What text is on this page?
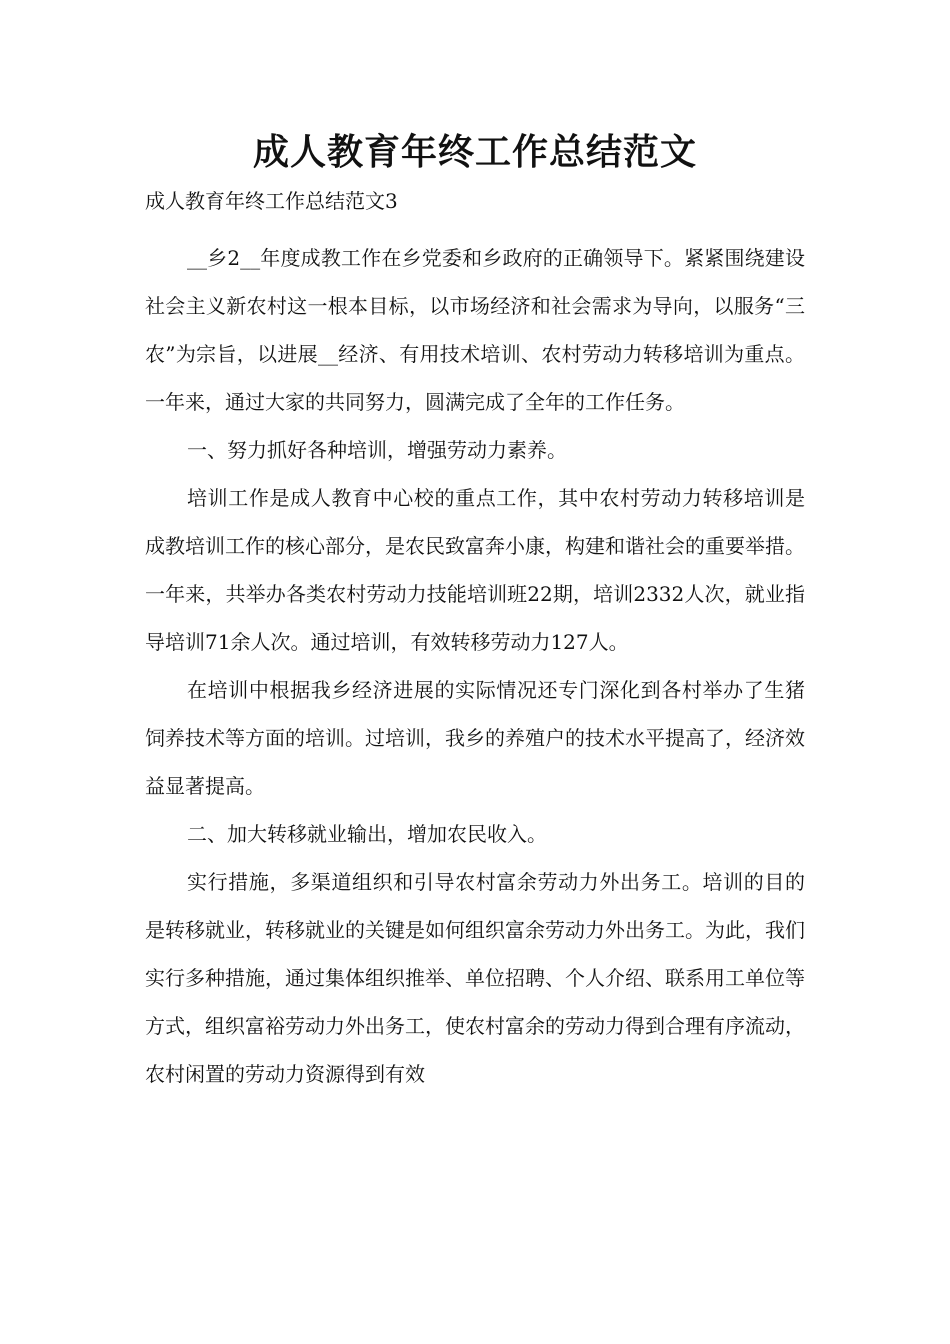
成人教育年终工作总结范文

成人教育年终工作总结范文3

__乡2__年度成教工作在乡党委和乡政府的正确领导下。紧紧围绕建设社会主义新农村这一根本目标，以市场经济和社会需求为导向，以服务“三农”为宗旨，以进展__经济、有用技术培训、农村劳动力转移培训为重点。一年来，通过大家的共同努力，圆满完成了全年的工作任务。

一、努力抓好各种培训，增强劳动力素养。

培训工作是成人教育中心校的重点工作，其中农村劳动力转移培训是成教培训工作的核心部分，是农民致富奔小康，构建和谐社会的重要举措。一年来，共举办各类农村劳动力技能培训班22期，培训2332人次，就业指导培训71余人次。通过培训，有效转移劳动力127人。

在培训中根据我乡经济进展的实际情况还专门深化到各村举办了生猪饲养技术等方面的培训。过培训，我乡的养殖户的技术水平提高了，经济效益显著提高。

二、加大转移就业输出，增加农民收入。

实行措施，多渠道组织和引导农村富余劳动力外出务工。培训的目的是转移就业，转移就业的关键是如何组织富余劳动力外出务工。为此，我们实行多种措施，通过集体组织推举、单位招聘、个人介绍、联系用工单位等方式，组织富裕劳动力外出务工，使农村富余的劳动力得到合理有序流动，农村闲置的劳动力资源得到有效
